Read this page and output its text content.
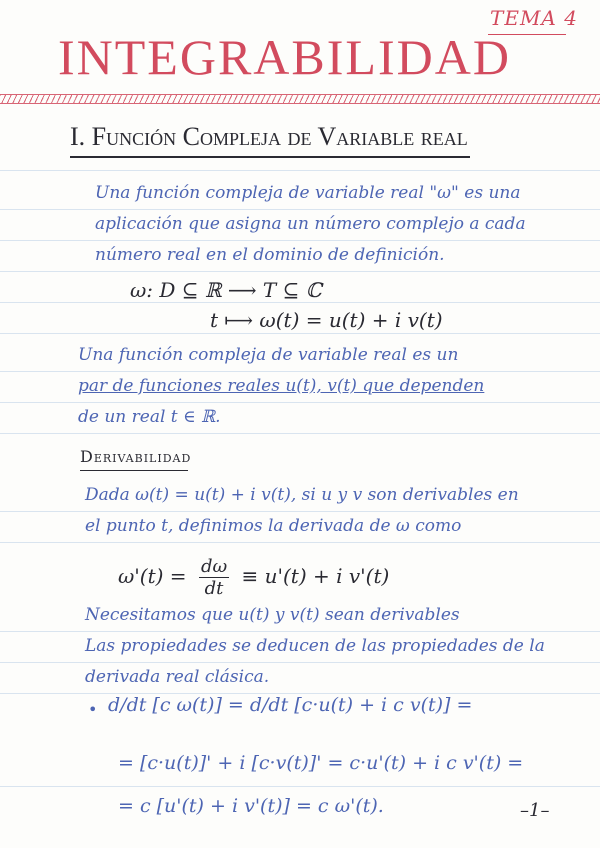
TEMA 4
INTEGRABILIDAD
I. Función Compleja de Variable real
Una función compleja de variable real "ω" es una
aplicación que asigna un número complejo a cada
número real en el dominio de definición.
ω: D ⊆ ℝ ⟶ T ⊆ ℂ
t ⟼ ω(t) = u(t) + i v(t)
Una función compleja de variable real es un
par de funciones reales u(t), v(t) que dependen
de un real t ∈ ℝ.
Derivabilidad
Dada ω(t) = u(t) + i v(t), si u y v son derivables en
el punto t, definimos la derivada de ω como
$\omega'(t) = \frac{d\omega}{dt} \equiv u'(t) + i$ v'(t)
Necesitamos que u(t) y v(t) sean derivables
Las propiedades se deducen de las propiedades de la
derivada real clásica.
• d/dt [c ω(t)] = d/dt [c·u(t) + i c v(t)] =
= [c·u(t)]' + i [c·v(t)]' = c·u'(t) + i c v'(t) =
= c [u'(t) + i v'(t)] = c ω'(t).	–1–
